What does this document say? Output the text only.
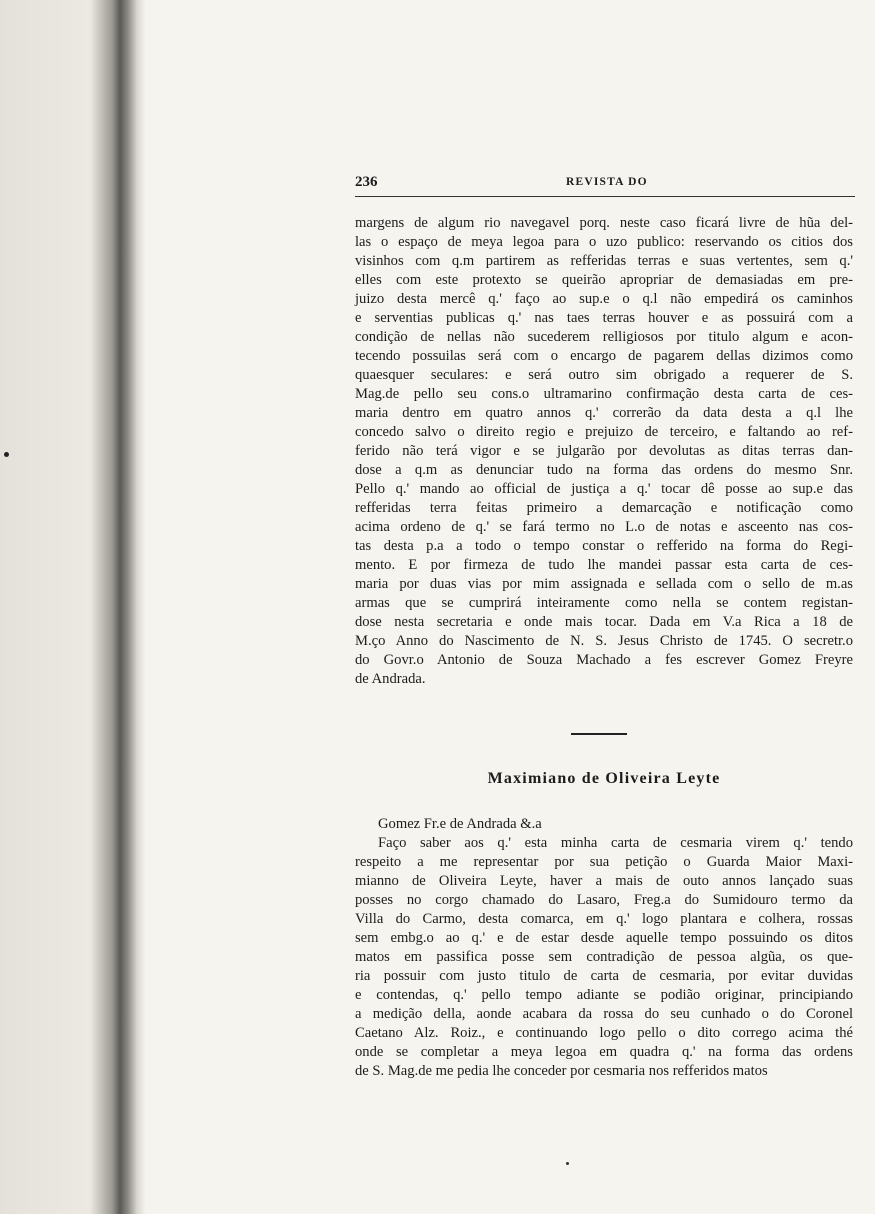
236	REVISTA DO
margens de algum rio navegavel porq. neste caso ficará livre de hũa del-
las o espaço de meya legoa para o uzo publico: reservando os citios dos
visinhos com q.m partirem as refferidas terras e suas vertentes, sem q.'
elles com este protexto se queirão apropriar de demasiadas em pre-
juizo desta mercê q.' faço ao sup.e o q.l não empedirá os caminhos
e serventias publicas q.' nas taes terras houver e as possuirá com a
condição de nellas não sucederem relligiosos por titulo algum e acon-
tecendo possuilas será com o encargo de pagarem dellas dizimos como
quaesquer seculares: e será outro sim obrigado a requerer de S.
Mag.de pello seu cons.o ultramarino confirmação desta carta de ces-
maria dentro em quatro annos q.' correrão da data desta a q.l lhe
concedo salvo o direito regio e prejuizo de terceiro, e faltando ao ref-
ferido não terá vigor e se julgarão por devolutas as ditas terras dan-
dose a q.m as denunciar tudo na forma das ordens do mesmo Snr.
Pello q.' mando ao official de justiça a q.' tocar dê posse ao sup.e das
refferidas terra feitas primeiro a demarcação e notificação como
acima ordeno de q.' se fará termo no L.o de notas e asceento nas cos-
tas desta p.a a todo o tempo constar o refferido na forma do Regi-
mento. E por firmeza de tudo lhe mandei passar esta carta de ces-
maria por duas vias por mim assignada e sellada com o sello de m.as
armas que se cumprirá inteiramente como nella se contem registan-
dose nesta secretaria e onde mais tocar. Dada em V.a Rica a 18 de
M.ço Anno do Nascimento de N. S. Jesus Christo de 1745. O secretr.o
do Govr.o Antonio de Souza Machado a fes escrever Gomez Freyre
de Andrada.
Maximiano de Oliveira Leyte
Gomez Fr.e de Andrada &.a
Faço saber aos q.' esta minha carta de cesmaria virem q.' tendo
respeito a me representar por sua petição o Guarda Maior Maxi-
mianno de Oliveira Leyte, haver a mais de outo annos lançado suas
posses no corgo chamado do Lasaro, Freg.a do Sumidouro termo da
Villa do Carmo, desta comarca, em q.' logo plantara e colhera, rossas
sem embg.o ao q.' e de estar desde aquelle tempo possuindo os ditos
matos em passifica posse sem contradição de pessoa algũa, os que-
ria possuir com justo titulo de carta de cesmaria, por evitar duvidas
e contendas, q.' pello tempo adiante se podião originar, principiando
a medição della, aonde acabara da rossa do seu cunhado o do Coronel
Caetano Alz. Roiz., e continuando logo pello o dito corrego acima thé
onde se completar a meya legoa em quadra q.' na forma das ordens
de S. Mag.de me pedia lhe conceder por cesmaria nos refferidos matos
